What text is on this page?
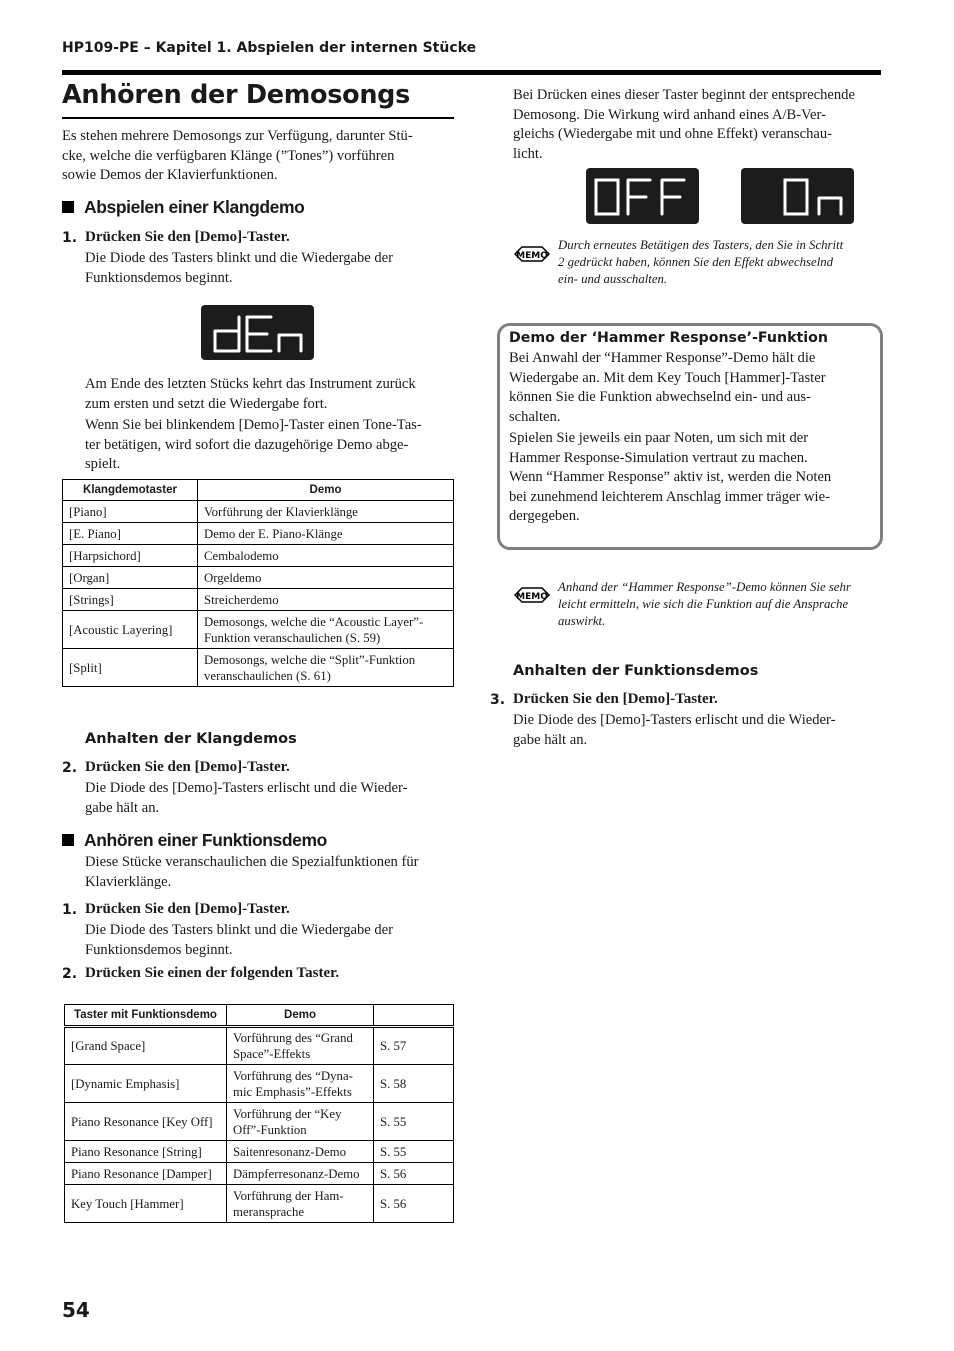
HP109-PE – Kapitel 1. Abspielen der internen Stücke
Anhören der Demosongs
Es stehen mehrere Demosongs zur Verfügung, darunter Stü-
cke, welche die verfügbaren Klänge (”Tones”) vorführen
sowie Demos der Klavierfunktionen.
Abspielen einer Klangdemo
1. Drücken Sie den [Demo]-Taster.
Die Diode des Tasters blinkt und die Wiedergabe der
Funktionsdemos beginnt.
Am Ende des letzten Stücks kehrt das Instrument zurück
zum ersten und setzt die Wiedergabe fort.
Wenn Sie bei blinkendem [Demo]-Taster einen Tone-Tas-
ter betätigen, wird sofort die dazugehörige Demo abge-
spielt.
Klangdemotaster	Demo
[Piano]	Vorführung der Klavierklänge
[E. Piano]	Demo der E. Piano-Klänge
[Harpsichord]	Cembalodemo
[Organ]	Orgeldemo
[Strings]	Streicherdemo
[Acoustic Layering]	Demosongs, welche die “Acoustic Layer”-
Funktion veranschaulichen (S. 59)

[Split]	Demosongs, welche die “Split”-Funktion
veranschaulichen (S. 61)
Anhalten der Klangdemos
2. Drücken Sie den [Demo]-Taster.
Die Diode des [Demo]-Tasters erlischt und die Wieder-
gabe hält an.
Anhören einer Funktionsdemo
Diese Stücke veranschaulichen die Spezialfunktionen für
Klavierklänge.
1. Drücken Sie den [Demo]-Taster.
Die Diode des Tasters blinkt und die Wiedergabe der
Funktionsdemos beginnt.
2. Drücken Sie einen der folgenden Taster.
Taster mit Funktionsdemo	Demo	
[Grand Space]	Vorführung des “Grand
Space”-Effekts	S. 57
[Dynamic Emphasis]	Vorführung des “Dyna-
mic Emphasis”-Effekts	S. 58
Piano Resonance [Key Off]	Vorführung der “Key
Off”-Funktion	S. 55
Piano Resonance [String]	Saitenresonanz-Demo	S. 55
Piano Resonance [Damper]	Dämpferresonanz-Demo	S. 56
Key Touch [Hammer]	Vorführung der Ham-
meransprache	S. 56
Bei Drücken eines dieser Taster beginnt der entsprechende
Demosong. Die Wirkung wird anhand eines A/B-Ver-
gleichs (Wiedergabe mit und ohne Effekt) veranschau-
licht.
MEMO
Durch erneutes Betätigen des Tasters, den Sie in Schritt
2 gedrückt haben, können Sie den Effekt abwechselnd
ein- und ausschalten.
Demo der ‘Hammer Response’-Funktion
Bei Anwahl der “Hammer Response”-Demo hält die
Wiedergabe an. Mit dem Key Touch [Hammer]-Taster
können Sie die Funktion abwechselnd ein- und aus-
schalten.
Spielen Sie jeweils ein paar Noten, um sich mit der
Hammer Response-Simulation vertraut zu machen.
Wenn “Hammer Response” aktiv ist, werden die Noten
bei zunehmend leichterem Anschlag immer träger wie-
dergegeben.
MEMO
Anhand der “Hammer Response”-Demo können Sie sehr
leicht ermitteln, wie sich die Funktion auf die Ansprache
auswirkt.
Anhalten der Funktionsdemos
3. Drücken Sie den [Demo]-Taster.
Die Diode des [Demo]-Tasters erlischt und die Wieder-
gabe hält an.
54
